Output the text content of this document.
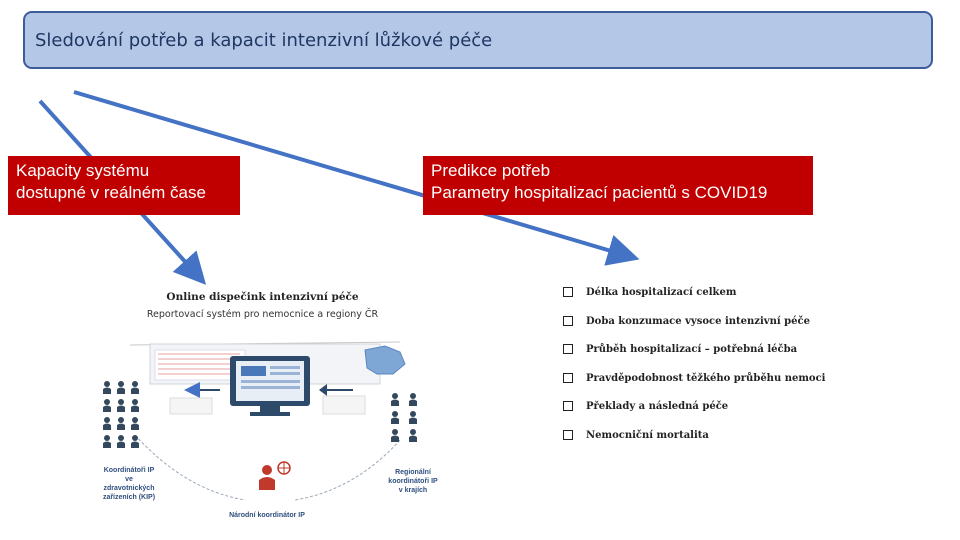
Sledování potřeb a kapacit intenzivní lůžkové péče
Kapacity systému
dostupné v reálném čase
Predikce potřeb
Parametry hospitalizací pacientů s COVID19
Online dispečink intenzivní péče
Reportovací systém pro nemocnice a regiony ČR
Koordinátoři IP ve zdravotnických zařízeních (KIP)
Regionální koordinátoři IP v krajích
Národní koordinátor IP
Délka hospitalizací celkem
Doba konzumace vysoce intenzivní péče
Průběh hospitalizací – potřebná léčba
Pravděpodobnost těžkého průběhu nemoci
Překlady a následná péče
Nemocniční mortalita
